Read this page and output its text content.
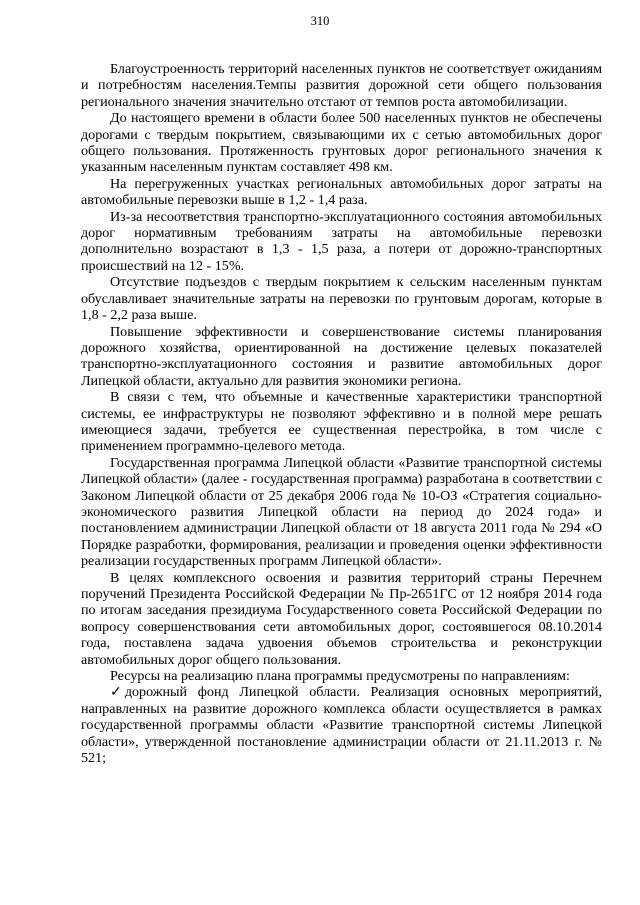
310

Благоустроенность территорий населенных пунктов не соответствует ожиданиям и потребностям населения.Темпы развития дорожной сети общего пользования регионального значения значительно отстают от темпов роста автомобилизации.

До настоящего времени в области более 500 населенных пунктов не обеспечены дорогами с твердым покрытием, связывающими их с сетью автомобильных дорог общего пользования. Протяженность грунтовых дорог регионального значения к указанным населенным пунктам составляет 498 км.

На перегруженных участках региональных автомобильных дорог затраты на автомобильные перевозки выше в 1,2 - 1,4 раза.

Из-за несоответствия транспортно-эксплуатационного состояния автомобильных дорог нормативным требованиям затраты на автомобильные перевозки дополнительно возрастают в 1,3 - 1,5 раза, а потери от дорожно-транспортных происшествий на 12 - 15%.

Отсутствие подъездов с твердым покрытием к сельским населенным пунктам обуславливает значительные затраты на перевозки по грунтовым дорогам, которые в 1,8 - 2,2 раза выше.

Повышение эффективности и совершенствование системы планирования дорожного хозяйства, ориентированной на достижение целевых показателей транспортно-эксплуатационного состояния и развитие автомобильных дорог Липецкой области, актуально для развития экономики региона.

В связи с тем, что объемные и качественные характеристики транспортной системы, ее инфраструктуры не позволяют эффективно и в полной мере решать имеющиеся задачи, требуется ее существенная перестройка, в том числе с применением программно-целевого метода.

Государственная программа Липецкой области «Развитие транспортной системы Липецкой области» (далее - государственная программа) разработана в соответствии с Законом Липецкой области от 25 декабря 2006 года № 10-ОЗ «Стратегия социально-экономического развития Липецкой области на период до 2024 года» и постановлением администрации Липецкой области от 18 августа 2011 года № 294 «О Порядке разработки, формирования, реализации и проведения оценки эффективности реализации государственных программ Липецкой области».

В целях комплексного освоения и развития территорий страны Перечнем поручений Президента Российской Федерации № Пр-2651ГС от 12 ноября 2014 года по итогам заседания президиума Государственного совета Российской Федерации по вопросу совершенствования сети автомобильных дорог, состоявшегося 08.10.2014 года, поставлена задача удвоения объемов строительства и реконструкции автомобильных дорог общего пользования.

Ресурсы на реализацию плана программы предусмотрены по направлениям:

✓ дорожный фонд Липецкой области. Реализация основных мероприятий, направленных на развитие дорожного комплекса области осуществляется в рамках государственной программы области «Развитие транспортной системы Липецкой области», утвержденной постановление администрации области от 21.11.2013 г. № 521;
